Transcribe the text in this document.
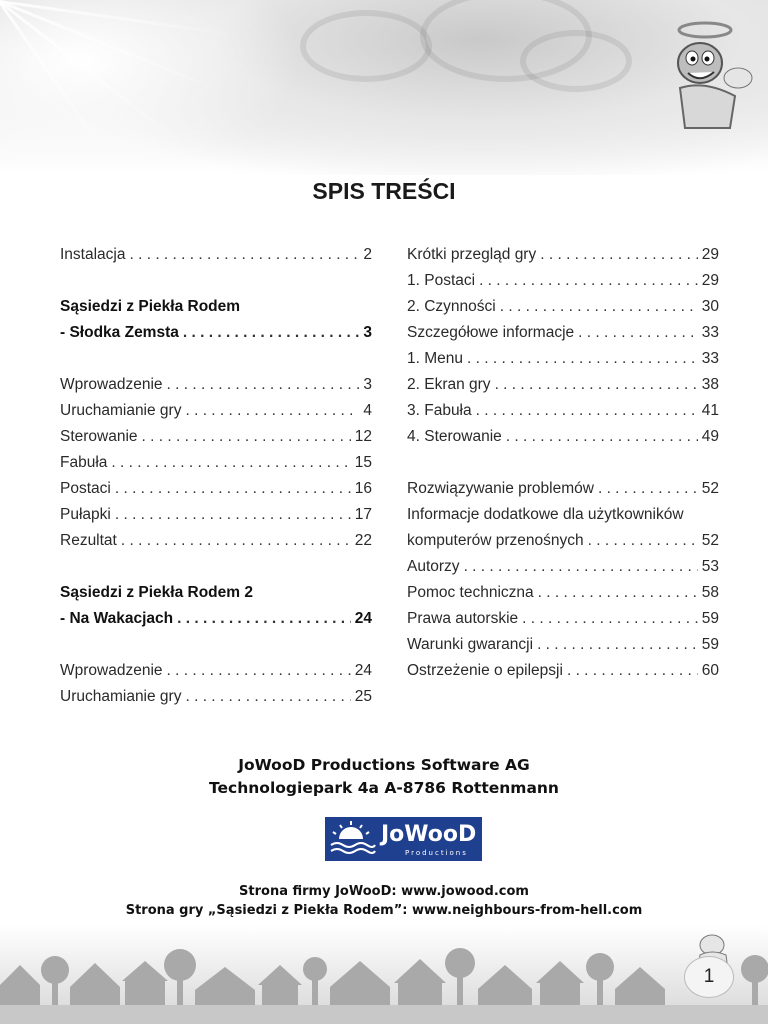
SPIS TREŚCI
Instalacja . . .	2
Sąsiedzi z Piekła Rodem
- Słodka Zemsta . . .	3
Wprowadzenie . . .	3
Uruchamianie gry . . .	4
Sterowanie . . .	12
Fabuła . . .	15
Postaci . . .	16
Pułapki . . .	17
Rezultat . . .	22
Sąsiedzi z Piekła Rodem 2
- Na Wakacjach . . .	24
Wprowadzenie . . .	24
Uruchamianie gry . . .	25
Krótki przegląd gry . . .	29
1. Postaci . . .	29
2. Czynności . . .	30
Szczegółowe informacje . . .	33
1. Menu . . .	33
2. Ekran gry . . .	38
3. Fabuła . . .	41
4. Sterowanie . . .	49
Rozwiązywanie problemów . . .	52
Informacje dodatkowe dla użytkowników
komputerów przenośnych . . .	52
Autorzy . . .	53
Pomoc techniczna . . .	58
Prawa autorskie . . .	59
Warunki gwarancji . . .	59
Ostrzeżenie o epilepsji . . .	60
JoWooD Productions Software AG
Technologiepark 4a A-8786 Rottenmann
JoWooD
Productions
Strona firmy JoWooD: www.jowood.com
Strona gry „Sąsiedzi z Piekła Rodem”: www.neighbours-from-hell.com
1
